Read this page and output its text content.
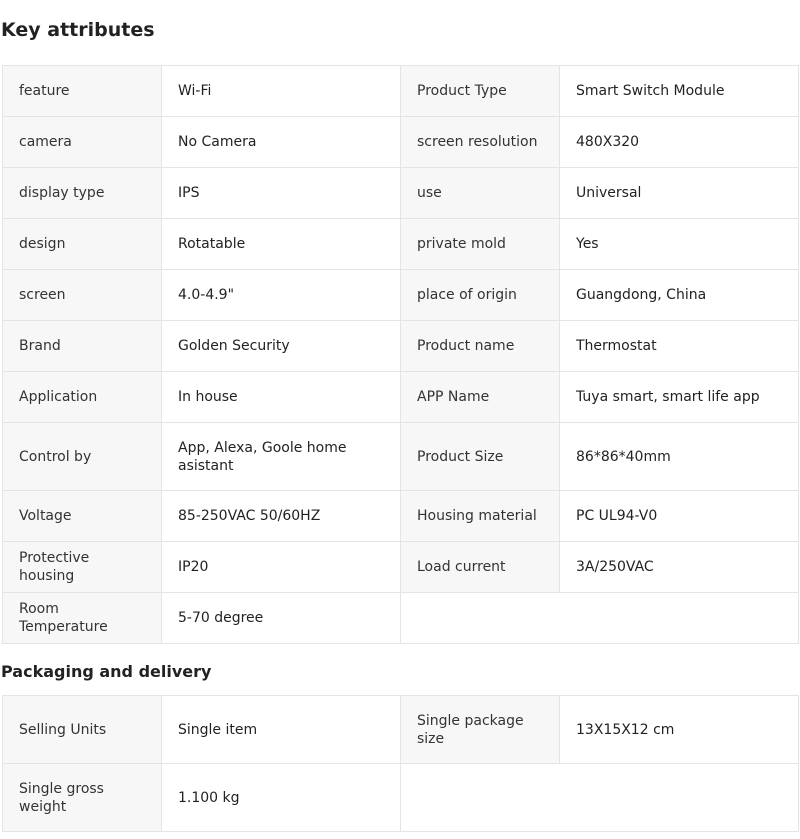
Key attributes
feature	Wi-Fi	Product Type	Smart Switch Module
camera	No Camera	screen resolution	480X320
display type	IPS	use	Universal
design	Rotatable	private mold	Yes
screen	4.0-4.9"	place of origin	Guangdong, China
Brand	Golden Security	Product name	Thermostat
Application	In house	APP Name	Tuya smart, smart life app
Control by	App, Alexa, Goole home asistant	Product Size	86*86*40mm
Voltage	85-250VAC 50/60HZ	Housing material	PC UL94-V0
Protective housing	IP20	Load current	3A/250VAC
Room Temperature	5-70 degree		
Packaging and delivery
Selling Units	Single item	Single package size	13X15X12 cm
Single gross weight	1.100 kg		
